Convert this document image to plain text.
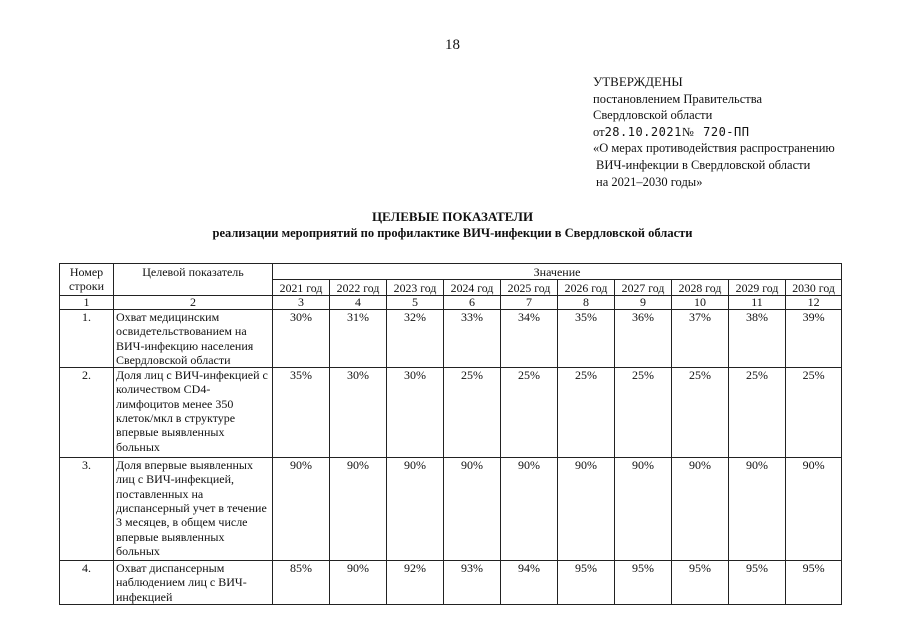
18
УТВЕРЖДЕНЫ
постановлением Правительства
Свердловской области
от28.10.2021№ 720-ПП
«О мерах противодействия распространению
ВИЧ-инфекции в Свердловской области
на 2021–2030 годы»
ЦЕЛЕВЫЕ ПОКАЗАТЕЛИ
реализации мероприятий по профилактике ВИЧ-инфекции в Свердловской области
Номер строки	Целевой показатель	Значение									
		2021 год	2022 год	2023 год	2024 год	2025 год	2026 год	2027 год	2028 год	2029 год	2030 год
1	2	3	4	5	6	7	8	9	10	11	12
1.	Охват медицинским освидетельствованием на ВИЧ-инфекцию населения Свердловской области	30%	31%	32%	33%	34%	35%	36%	37%	38%	39%
2.	Доля лиц с ВИЧ-инфекцией с количеством CD4-лимфоцитов менее 350 клеток/мкл в структуре впервые выявленных больных	35%	30%	30%	25%	25%	25%	25%	25%	25%	25%
3.	Доля впервые выявленных лиц с ВИЧ-инфекцией, поставленных на диспансерный учет в течение 3 месяцев, в общем числе впервые выявленных больных	90%	90%	90%	90%	90%	90%	90%	90%	90%	90%
4.	Охват диспансерным наблюдением лиц с ВИЧ-инфекцией	85%	90%	92%	93%	94%	95%	95%	95%	95%	95%
